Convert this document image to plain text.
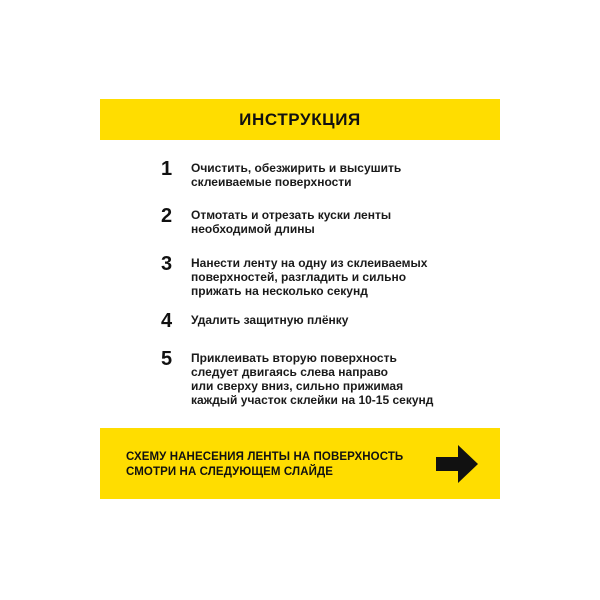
ИНСТРУКЦИЯ
1	Очистить, обезжирить и высушить
склеиваемые поверхности
2	Отмотать и отрезать куски ленты
необходимой длины
3	Нанести ленту на одну из склеиваемых
поверхностей, разгладить и сильно
прижать на несколько секунд
4	Удалить защитную плёнку
5	Приклеивать вторую поверхность
следует двигаясь слева направо
или сверху вниз, сильно прижимая
каждый участок склейки на 10-15 секунд
СХЕМУ НАНЕСЕНИЯ ЛЕНТЫ НА ПОВЕРХНОСТЬ
СМОТРИ НА СЛЕДУЮЩЕМ СЛАЙДЕ
